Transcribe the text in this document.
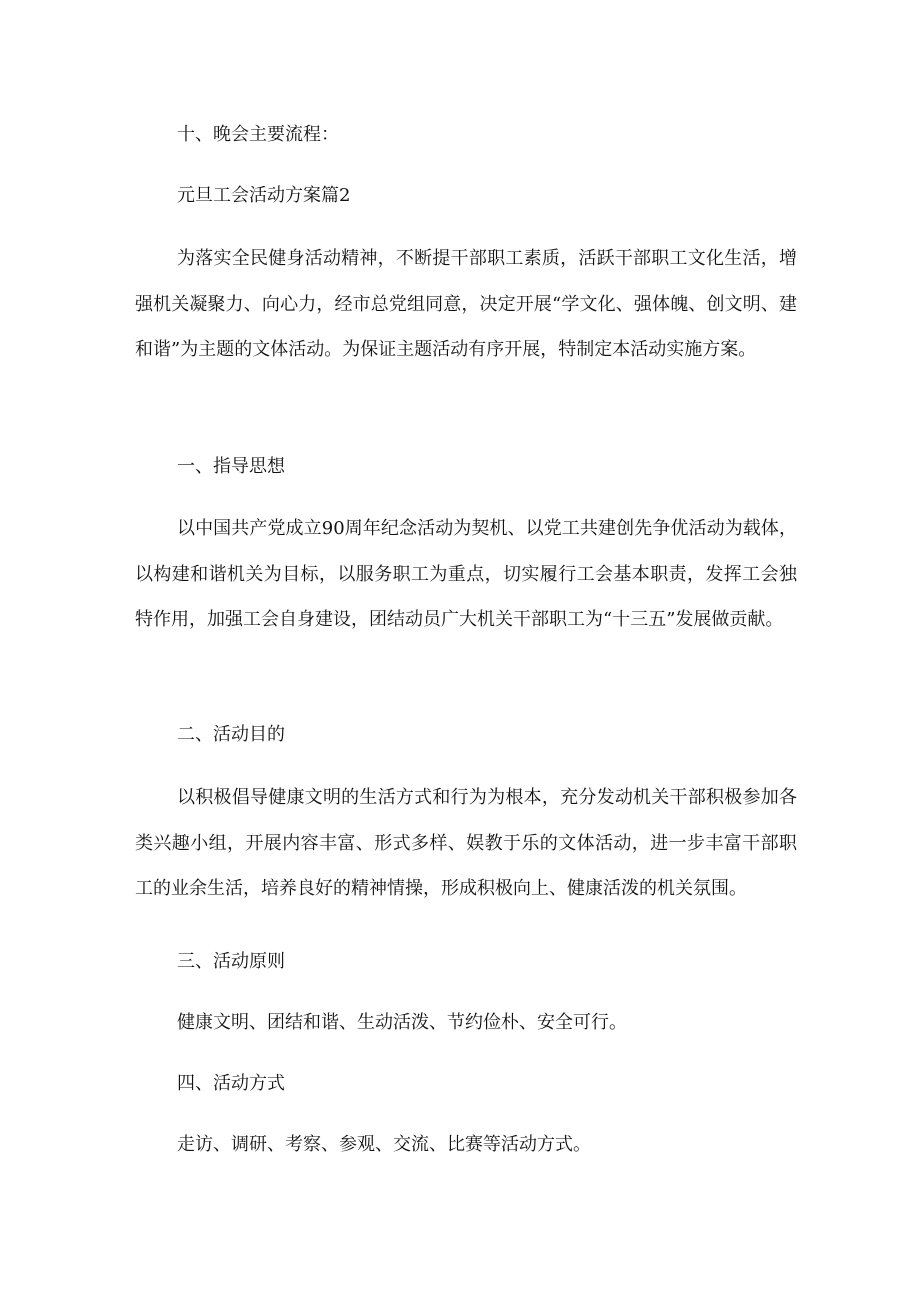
十、晚会主要流程：

元旦工会活动方案篇2

为落实全民健身活动精神，不断提干部职工素质，活跃干部职工文化生活，增强机关凝聚力、向心力，经市总党组同意，决定开展“学文化、强体魄、创文明、建和谐”为主题的文体活动。为保证主题活动有序开展，特制定本活动实施方案。

一、指导思想

以中国共产党成立90周年纪念活动为契机、以党工共建创先争优活动为载体，以构建和谐机关为目标，以服务职工为重点，切实履行工会基本职责，发挥工会独特作用，加强工会自身建设，团结动员广大机关干部职工为“十三五”发展做贡献。

二、活动目的

以积极倡导健康文明的生活方式和行为为根本，充分发动机关干部积极参加各类兴趣小组，开展内容丰富、形式多样、娱教于乐的文体活动，进一步丰富干部职工的业余生活，培养良好的精神情操，形成积极向上、健康活泼的机关氛围。

三、活动原则

健康文明、团结和谐、生动活泼、节约俭朴、安全可行。

四、活动方式

走访、调研、考察、参观、交流、比赛等活动方式。
